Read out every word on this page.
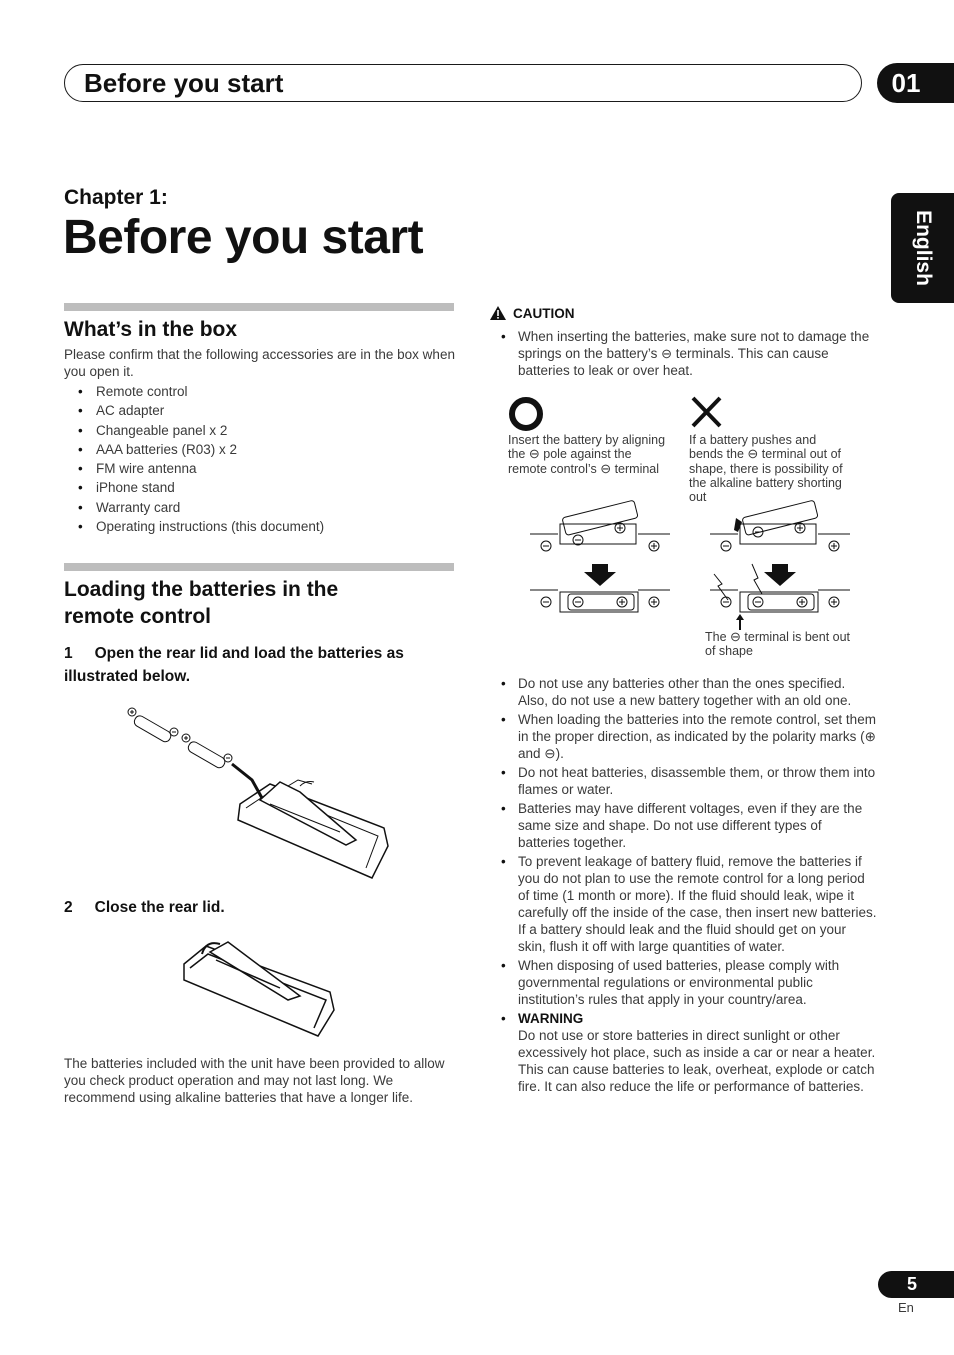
Before you start	01
English
Chapter 1:
Before you start
What’s in the box
Please confirm that the following accessories are in the box when you open it.
• Remote control
• AC adapter
• Changeable panel x 2
• AAA batteries (R03) x 2
• FM wire antenna
• iPhone stand
• Warranty card
• Operating instructions (this document)
Loading the batteries in the
remote control
1 Open the rear lid and load the batteries as
illustrated below.
2 Close the rear lid.
The batteries included with the unit have been provided to allow you check product operation and may not last long. We recommend using alkaline batteries that have a longer life.
CAUTION
• When inserting the batteries, make sure not to damage the springs on the battery’s ⊖ terminals. This can cause batteries to leak or over heat.
Insert the battery by aligning the ⊖ pole against the remote control’s ⊖ terminal
If a battery pushes and bends the ⊖ terminal out of shape, there is possibility of the alkaline battery shorting out
The ⊖ terminal is bent out of shape
• Do not use any batteries other than the ones specified. Also, do not use a new battery together with an old one.
• When loading the batteries into the remote control, set them in the proper direction, as indicated by the polarity marks (⊕ and ⊖).
• Do not heat batteries, disassemble them, or throw them into flames or water.
• Batteries may have different voltages, even if they are the same size and shape. Do not use different types of batteries together.
• To prevent leakage of battery fluid, remove the batteries if you do not plan to use the remote control for a long period of time (1 month or more). If the fluid should leak, wipe it carefully off the inside of the case, then insert new batteries. If a battery should leak and the fluid should get on your skin, flush it off with large quantities of water.
• When disposing of used batteries, please comply with governmental regulations or environmental public institution’s rules that apply in your country/area.
• WARNING
Do not use or store batteries in direct sunlight or other excessively hot place, such as inside a car or near a heater. This can cause batteries to leak, overheat, explode or catch fire. It can also reduce the life or performance of batteries.
5
En
